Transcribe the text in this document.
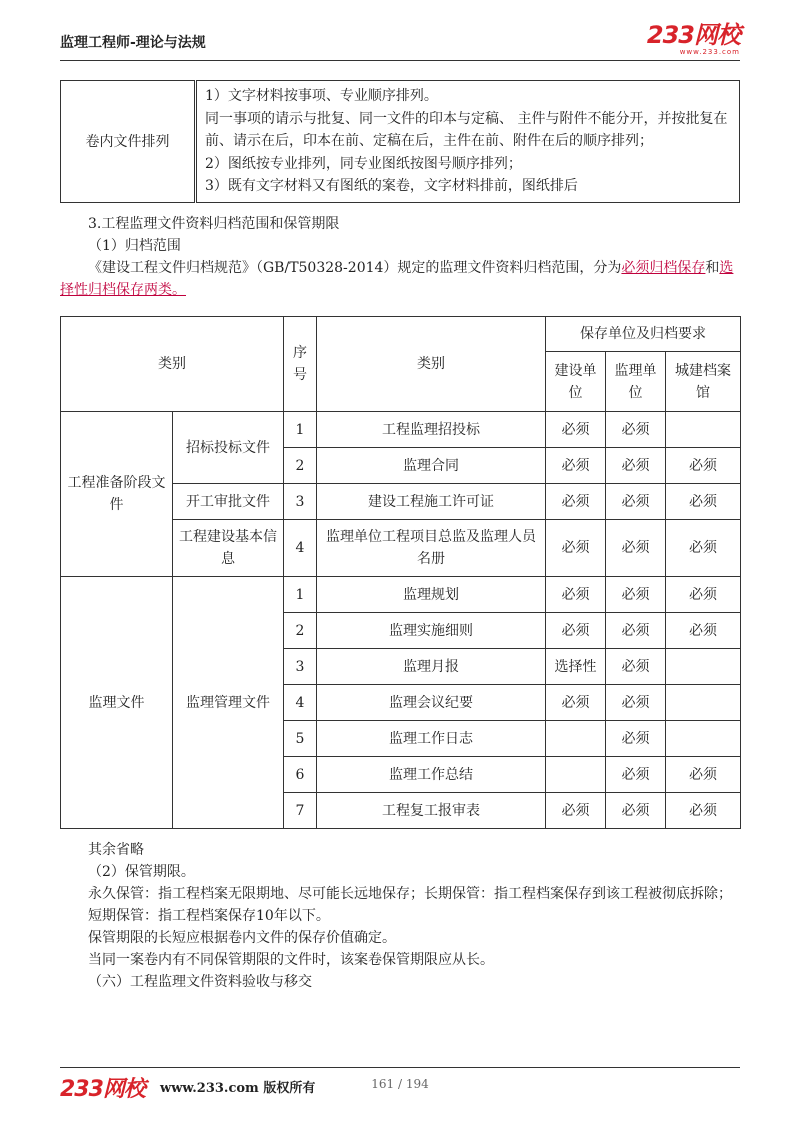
监理工程师-理论与法规	233网校
www.233.com
卷内文件排列	
1）文字材料按事项、专业顺序排列。
同一事项的请示与批复、同一文件的印本与定稿、 主件与附件不能分开，并按批复在前、请示在后，印本在前、定稿在后，主件在前、附件在后的顺序排列；
2）图纸按专业排列，同专业图纸按图号顺序排列；
3）既有文字材料又有图纸的案卷，文字材料排前，图纸排后
3.工程监理文件资料归档范围和保管期限
（1）归档范围
《建设工程文件归档规范》（GB/T50328-2014）规定的监理文件资料归档范围，分为必须归档保存和选择性归档保存两类。
类别		序号	类别	保存单位及归档要求		
				建设单位	监理单位	城建档案馆
工程准备阶段文件	招标投标文件	1	工程监理招投标	必须	必须	
		2	监理合同	必须	必须	必须
	开工审批文件	3	建设工程施工许可证	必须	必须	必须
	工程建设基本信息	4	监理单位工程项目总监及监理人员名册	必须	必须	必须

监理文件	监理管理文件	1	监理规划	必须	必须	必须
		2	监理实施细则	必须	必须	必须
		3	监理月报	选择性	必须	
		4	监理会议纪要	必须	必须	
		5	监理工作日志		必须	
		6	监理工作总结		必须	必须
		7	工程复工报审表	必须	必须	必须
其余省略
（2）保管期限。
永久保管：指工程档案无限期地、尽可能长远地保存；长期保管：指工程档案保存到该工程被彻底拆除；
短期保管：指工程档案保存10年以下。
保管期限的长短应根据卷内文件的保存价值确定。
当同一案卷内有不同保管期限的文件时，该案卷保管期限应从长。
（六）工程监理文件资料验收与移交
233网校 www.233.com 版权所有	161 / 194
